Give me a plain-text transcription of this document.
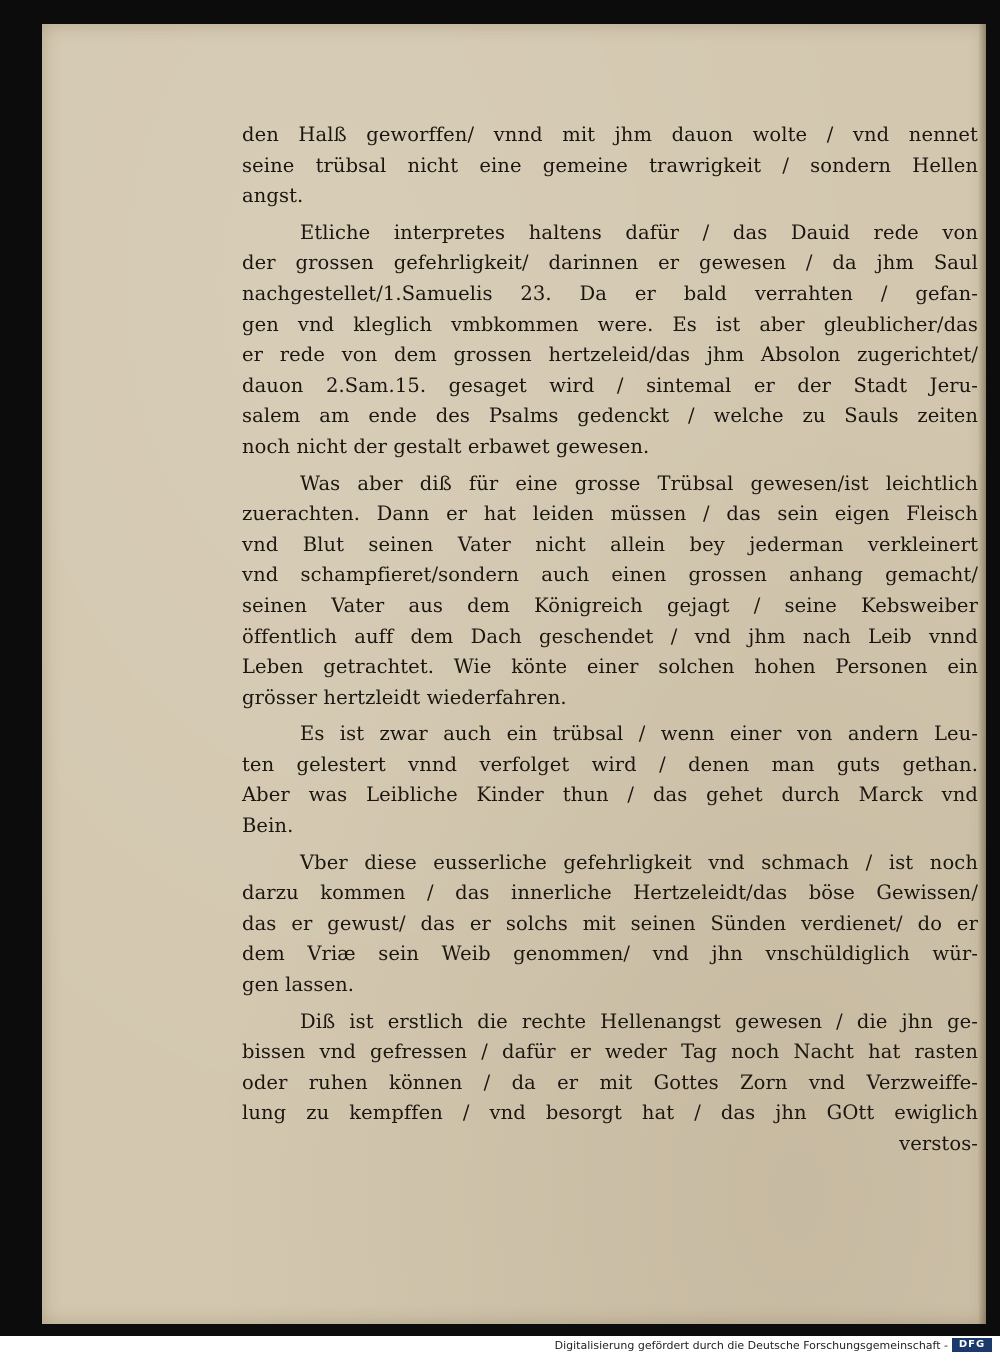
den Halß geworffen/ vnnd mit jhm dauon wolte / vnd nennet
seine trübsal nicht eine gemeine trawrigkeit / sondern Hellen
angst.
Etliche interpretes haltens dafür / das Dauid rede von
der grossen gefehrligkeit/ darinnen er gewesen / da jhm Saul
nachgestellet/1.Samuelis 23. Da er bald verrahten / gefan-
gen vnd kleglich vmbkommen were. Es ist aber gleublicher/das
er rede von dem grossen hertzeleid/das jhm Absolon zugerichtet/
dauon 2.Sam.15. gesaget wird / sintemal er der Stadt Jeru-
salem am ende des Psalms gedenckt / welche zu Sauls zeiten
noch nicht der gestalt erbawet gewesen.
Was aber diß für eine grosse Trübsal gewesen/ist leichtlich
zuerachten. Dann er hat leiden müssen / das sein eigen Fleisch
vnd Blut seinen Vater nicht allein bey jederman verkleinert
vnd schampfieret/sondern auch einen grossen anhang gemacht/
seinen Vater aus dem Königreich gejagt / seine Kebsweiber
öffentlich auff dem Dach geschendet / vnd jhm nach Leib vnnd
Leben getrachtet. Wie könte einer solchen hohen Personen ein
grösser hertzleidt wiederfahren.
Es ist zwar auch ein trübsal / wenn einer von andern Leu-
ten gelestert vnnd verfolget wird / denen man guts gethan.
Aber was Leibliche Kinder thun / das gehet durch Marck vnd
Bein.
Vber diese eusserliche gefehrligkeit vnd schmach / ist noch
darzu kommen / das innerliche Hertzeleidt/das böse Gewissen/
das er gewust/ das er solchs mit seinen Sünden verdienet/ do er
dem Vriæ sein Weib genommen/ vnd jhn vnschüldiglich wür-
gen lassen.
Diß ist erstlich die rechte Hellenangst gewesen / die jhn ge-
bissen vnd gefressen / dafür er weder Tag noch Nacht hat rasten
oder ruhen können / da er mit Gottes Zorn vnd Verzweiffe-
lung zu kempffen / vnd besorgt hat / das jhn GOtt ewiglich
verstos-
Digitalisierung gefördert durch die Deutsche Forschungsgemeinschaft -	DFG
